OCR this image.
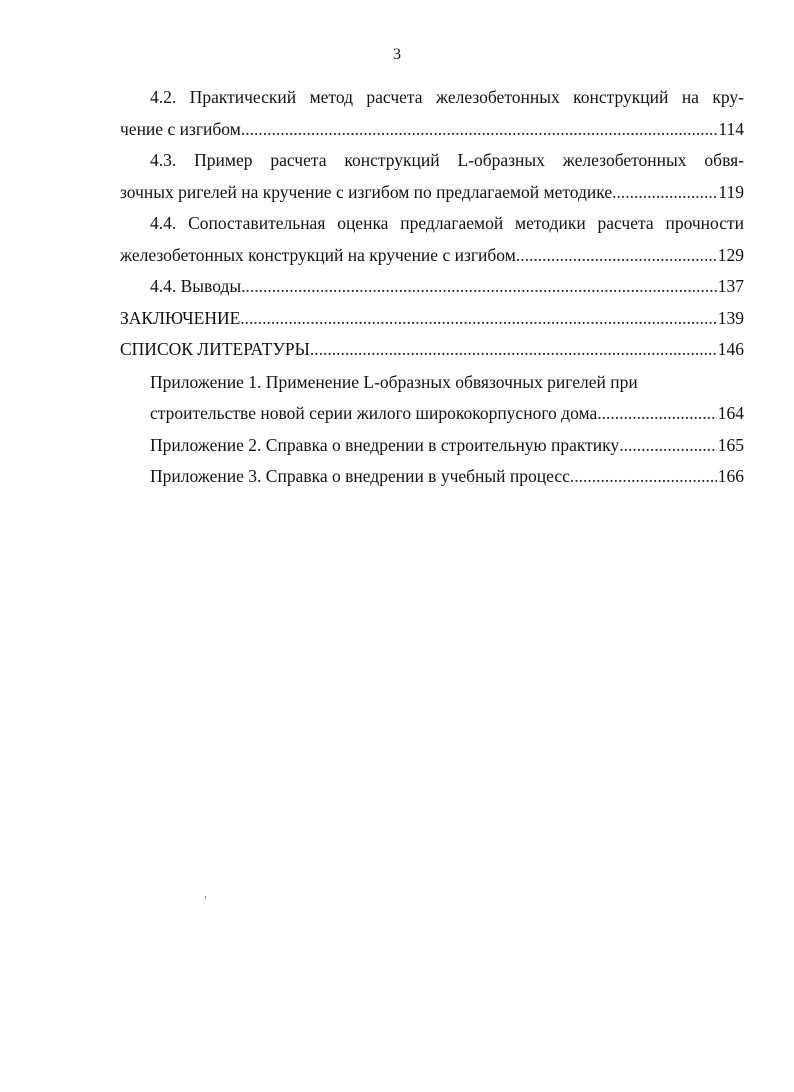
3
4.2. Практический метод расчета железобетонных конструкций на кру-
чение с изгибом .....	114
4.3. Пример расчета конструкций L-образных железобетонных обвя-
зочных ригелей на кручение с изгибом по предлагаемой методике .....	119
4.4. Сопоставительная оценка предлагаемой методики расчета прочности
железобетонных конструкций на кручение с изгибом .....	129
4.4. Выводы .....	137
ЗАКЛЮЧЕНИЕ .....	139
СПИСОК ЛИТЕРАТУРЫ .....	146
Приложение 1. Применение L-образных обвязочных ригелей при
строительстве новой серии жилого ширококорпусного дома .....	164
Приложение 2. Справка о внедрении в строительную практику .....	165
Приложение 3. Справка о внедрении в учебный процесс .....	166
